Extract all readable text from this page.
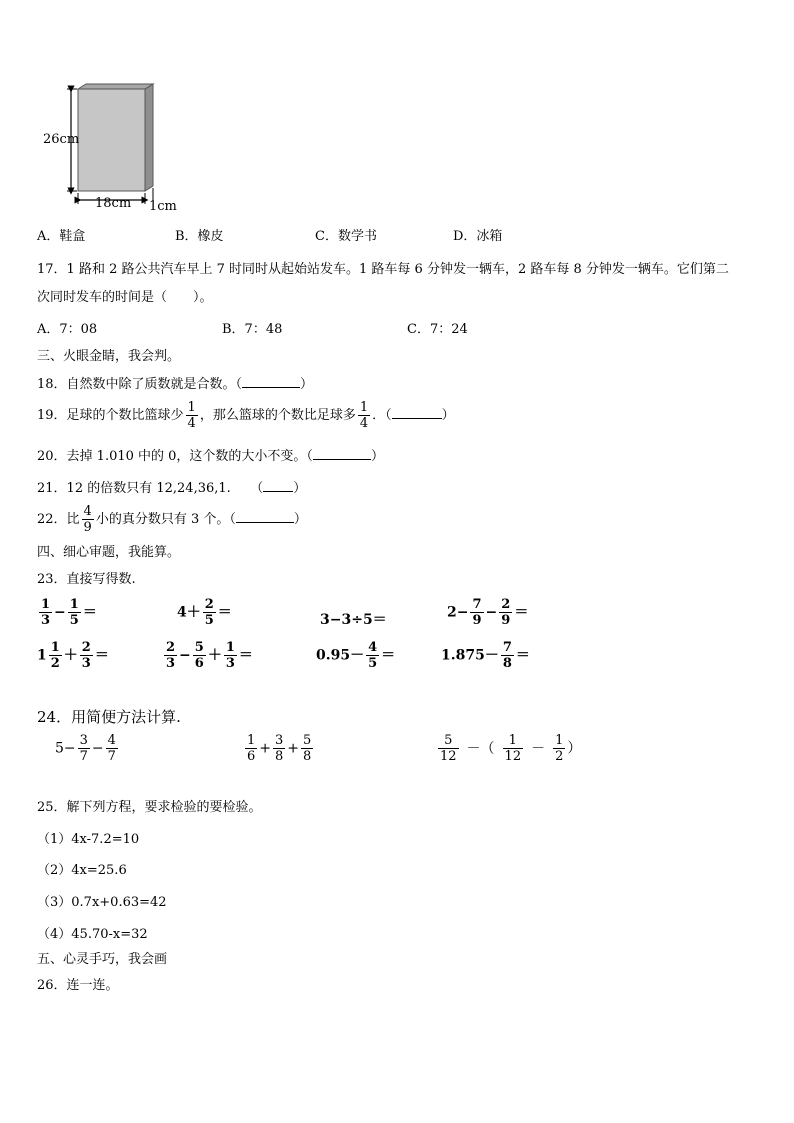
26cm
18cm 1cm
A．鞋盒	B．橡皮	C．数学书	D．冰箱
17．1 路和 2 路公共汽车早上 7 时同时从起始站发车。1 路车每 6 分钟发一辆车，2 路车每 8 分钟发一辆车。它们第二
次同时发车的时间是（　　）。
A．7：08	B．7：48	C．7：24
三、火眼金睛，我会判。
18．自然数中除了质数就是合数。（	）
19．足球的个数比篮球少 $\frac{1}{4}$ ，那么篮球的个数比足球多 $\frac{1}{4}$ ．（	）
20．去掉 1.010 中的 0，这个数的大小不变。（	）
21．12 的倍数只有 12,24,36,1.　　（ ）
22．比 $\frac{4}{9}$ 小的真分数只有 3 个。（	）
四、细心审题，我能算。
23．直接写得数.
$\frac{1}{3} - \frac{1}{5}$ ＝	$4+ \frac{2}{5}$ ＝	3−3÷5＝	$2- \frac{7}{9} - \frac{2}{9}$ ＝
$1 \frac{1}{2} + \frac{2}{3}$ ＝	$\frac{2}{3} - \frac{5}{6} + \frac{1}{3}$ ＝	$0.95- \frac{4}{5}$ ＝	$1.875- \frac{7}{8}$ ＝
24．用简便方法计算.
$5- \frac{3}{7} - \frac{4}{7}$	$\frac{1}{6} + \frac{3}{8} + \frac{5}{8}$	$\frac{5}{12}$ －（ $\frac{1}{12} - \frac{1}{2}$ ）
25．解下列方程，要求检验的要检验。
（1）4x-7.2=10
（2）4x=25.6
（3）0.7x+0.63=42
（4）45.70-x=32
五、心灵手巧，我会画
26．连一连。
